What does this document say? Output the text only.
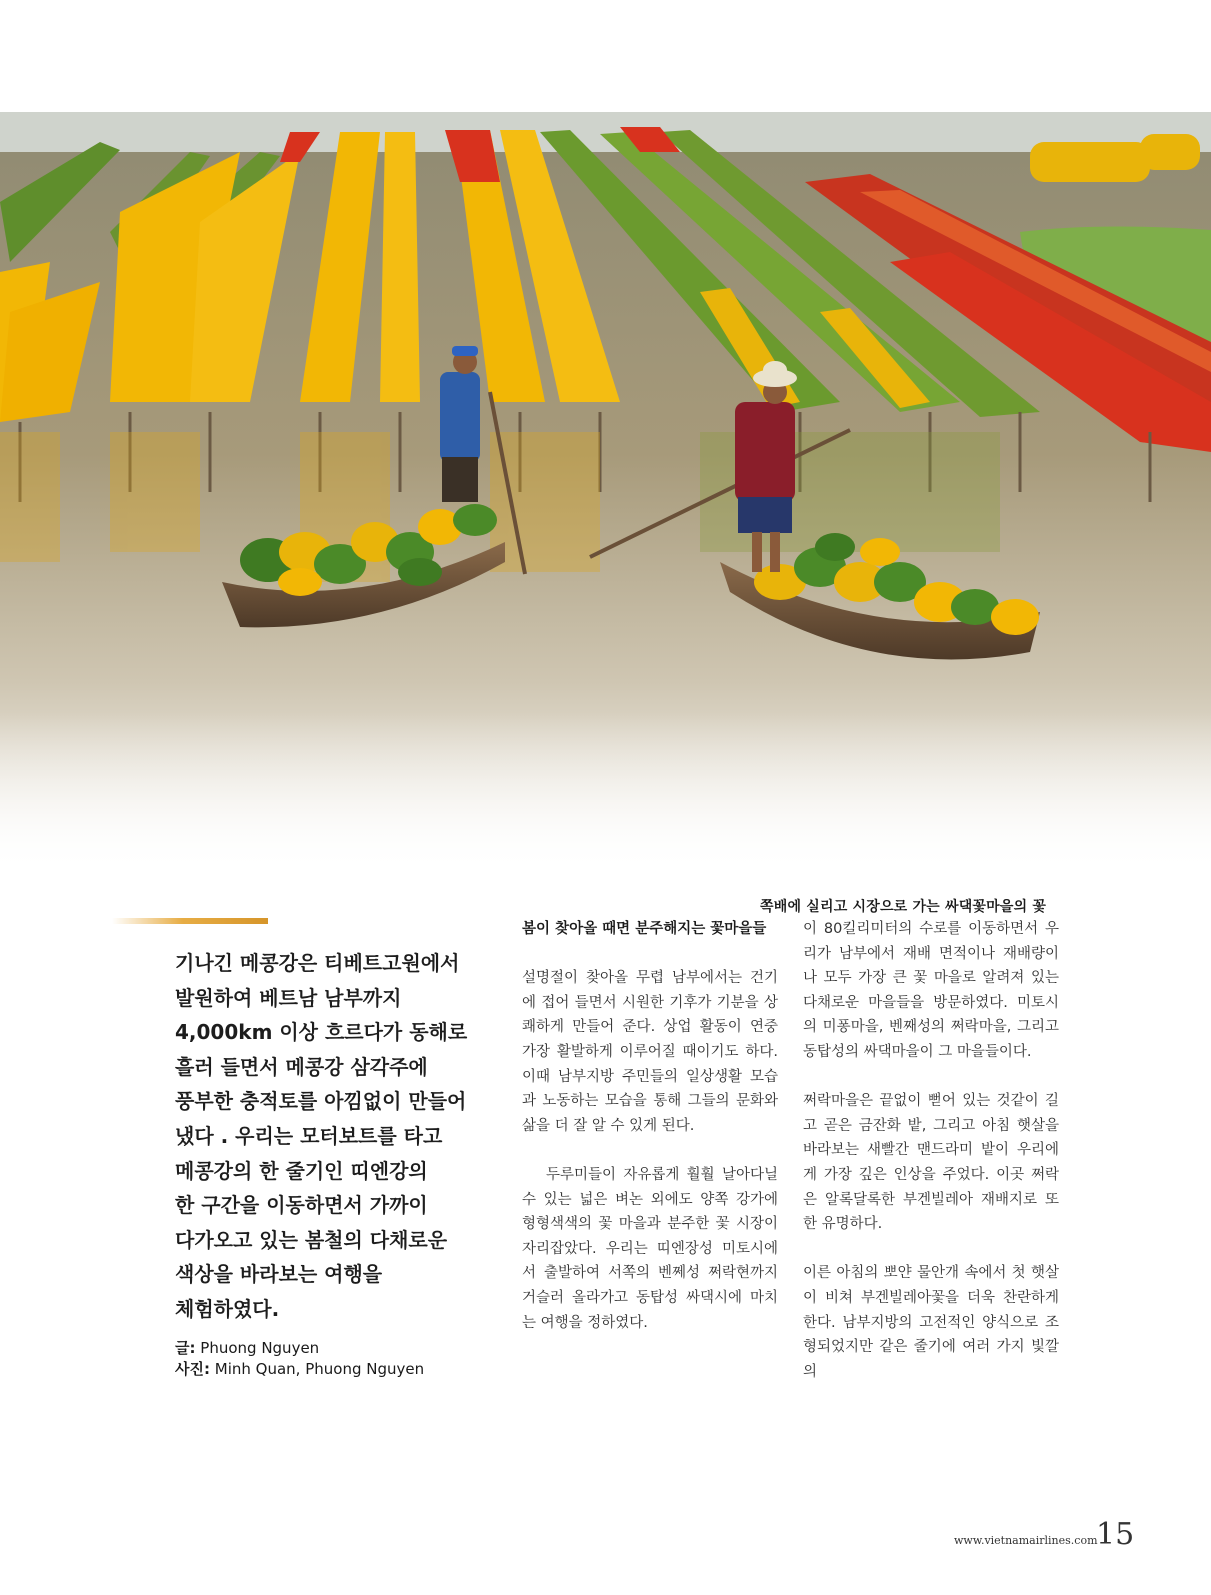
쪽배에 실리고 시장으로 가는 싸댁꽃마을의 꽃
기나긴 메콩강은 티베트고원에서
발원하여 베트남 남부까지
4,000km 이상 흐르다가 동해로
흘러 들면서 메콩강 삼각주에
풍부한 충적토를 아낌없이 만들어
냈다 . 우리는 모터보트를 타고
메콩강의 한 줄기인 띠엔강의
한 구간을 이동하면서 가까이
다가오고 있는 봄철의 다채로운
색상을 바라보는 여행을
체험하였다.
글: Phuong Nguyen
사진: Minh Quan, Phuong Nguyen

봄이 찾아올 때면 분주해지는 꽃마을들

설명절이 찾아올 무렵 남부에서는 건기에 접어 들면서 시원한 기후가 기분을 상쾌하게 만들어 준다. 상업 활동이 연중 가장 활발하게 이루어질 때이기도 하다. 이때 남부지방 주민들의 일상생활 모습과 노동하는 모습을 통해 그들의 문화와 삶을 더 잘 알 수 있게 된다.

두루미들이 자유롭게 훨훨 날아다닐 수 있는 넓은 벼논 외에도 양쪽 강가에 형형색색의 꽃 마을과 분주한 꽃 시장이 자리잡았다. 우리는 띠엔장성 미토시에서 출발하여 서쪽의 벤쩨성 쩌락현까지 거슬러 올라가고 동탑성 싸댁시에 마치는 여행을 정하였다.

이 80킬리미터의 수로를 이동하면서 우리가 남부에서 재배 면적이나 재배량이나 모두 가장 큰 꽃 마을로 알려져 있는 다채로운 마을들을 방문하였다. 미토시의 미퐁마을, 벤째성의 쩌락마을, 그리고 동탑성의 싸댁마을이 그 마을들이다.

쩌락마을은 끝없이 뻗어 있는 것같이 길고 곧은 금잔화 밭, 그리고 아침 햇살을 바라보는 새빨간 맨드라미 밭이 우리에게 가장 깊은 인상을 주었다. 이곳 쩌락은 알록달록한 부겐빌레아 재배지로 또한 유명하다.

이른 아침의 뽀얀 물안개 속에서 첫 햇살이 비쳐 부겐빌레아꽃을 더욱 찬란하게 한다. 남부지방의 고전적인 양식으로 조형되었지만 같은 줄기에 여러 가지 빛깔의

www.vietnamairlines.com
15
